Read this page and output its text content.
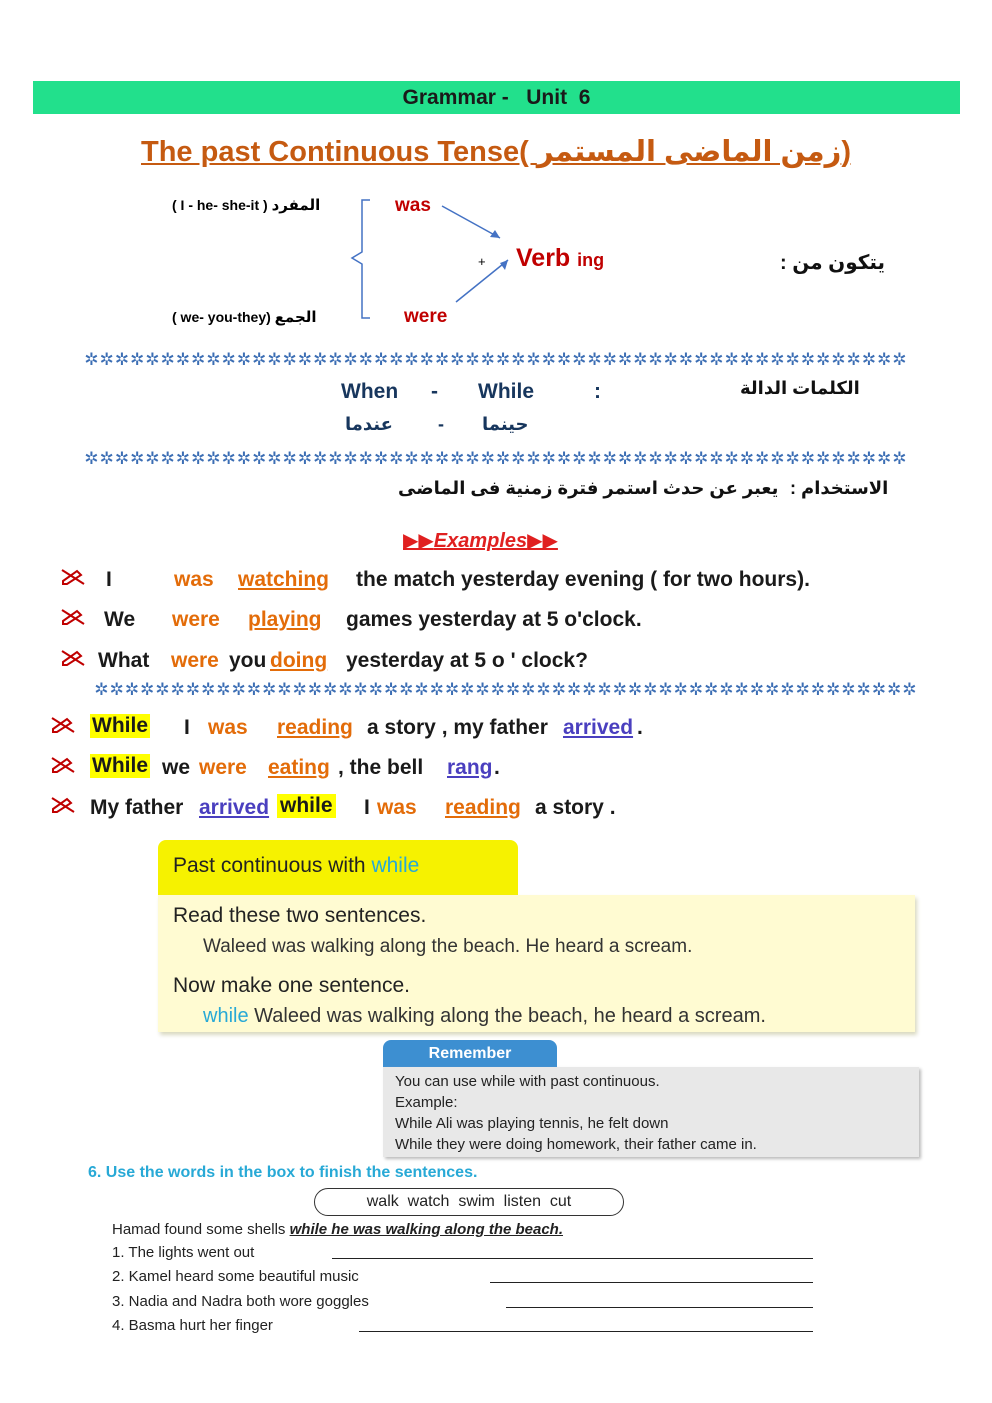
Grammar -   Unit  6
The past Continuous Tense( زمن الماضى المستمر)
( I - he- she-it ) المفرد
( we- you-they) الجمع
was
were
+ Verb ing	يتكون من :
✲✲✲✲✲✲✲✲✲✲✲✲✲✲✲✲✲✲✲✲✲✲✲✲✲✲✲✲✲✲✲✲✲✲✲✲✲✲✲✲✲✲✲✲✲✲✲✲✲✲✲✲✲✲
When - While	:	الكلمات الدالة
عندما	- حينما
✲✲✲✲✲✲✲✲✲✲✲✲✲✲✲✲✲✲✲✲✲✲✲✲✲✲✲✲✲✲✲✲✲✲✲✲✲✲✲✲✲✲✲✲✲✲✲✲✲✲✲✲✲✲
يعبر عن حدث استمر فترة زمنية فى الماضى الاستخدام :
▶▶Examples▶▶
I	was watching the match yesterday evening ( for two hours).
We were playing games yesterday at 5 o'clock.
What were you doing yesterday at 5 o ' clock?
✲✲✲✲✲✲✲✲✲✲✲✲✲✲✲✲✲✲✲✲✲✲✲✲✲✲✲✲✲✲✲✲✲✲✲✲✲✲✲✲✲✲✲✲✲✲✲✲✲✲✲✲✲✲
While I was reading a story , my father arrived .
While we were eating , the bell rang .
My father arrived while I was reading a story .
Past continuous with while
Read these two sentences.
Waleed was walking along the beach. He heard a scream.
Now make one sentence.
while Waleed was walking along the beach, he heard a scream.
Remember
You can use while with past continuous.
Example:
While Ali was playing tennis, he felt down
While they were doing homework, their father came in.
6. Use the words in the box to finish the sentences.
walk  watch  swim  listen  cut
Hamad found some shells while he was walking along the beach.
1. The lights went out
2. Kamel heard some beautiful music
3. Nadia and Nadra both wore goggles
4. Basma hurt her finger
